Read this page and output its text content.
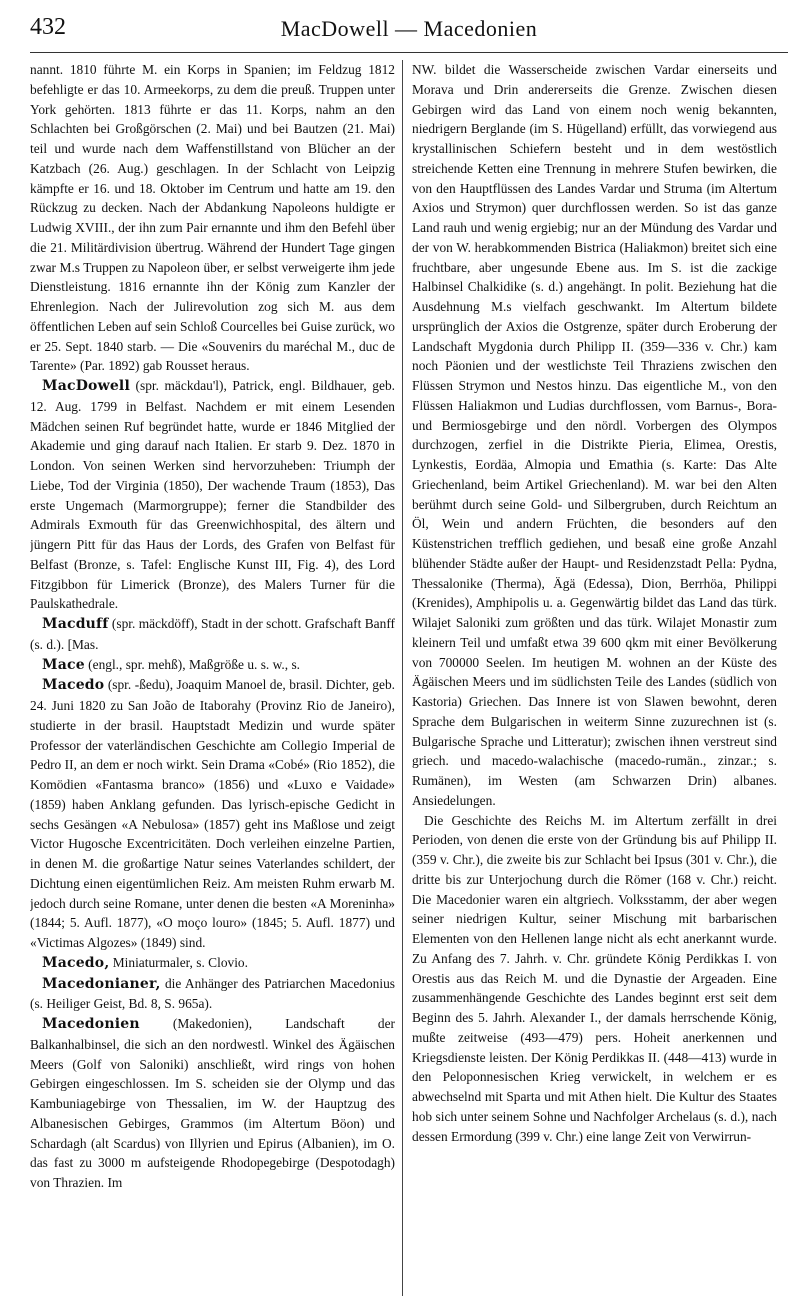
432	MacDowell — Macedonien

nannt. 1810 führte M. ein Korps in Spanien; im Feldzug 1812 befehligte er das 10. Armeekorps, zu dem die preuß. Truppen unter York gehörten. 1813 führte er das 11. Korps, nahm an den Schlachten bei Großgörschen (2. Mai) und bei Bautzen (21. Mai) teil und wurde nach dem Waffenstillstand von Blücher an der Katzbach (26. Aug.) geschlagen. In der Schlacht von Leipzig kämpfte er 16. und 18. Oktober im Centrum und hatte am 19. den Rückzug zu decken. Nach der Abdankung Napoleons huldigte er Ludwig XVIII., der ihn zum Pair ernannte und ihm den Befehl über die 21. Militärdivision übertrug. Während der Hundert Tage gingen zwar M.s Truppen zu Napoleon über, er selbst verweigerte ihm jede Dienstleistung. 1816 ernannte ihn der König zum Kanzler der Ehrenlegion. Nach der Julirevolution zog sich M. aus dem öffentlichen Leben auf sein Schloß Courcelles bei Guise zurück, wo er 25. Sept. 1840 starb. — Die «Souvenirs du maréchal M., duc de Tarente» (Par. 1892) gab Rousset heraus.

MacDowell (spr. mäckdau'l), Patrick, engl. Bildhauer, geb. 12. Aug. 1799 in Belfast. Nachdem er mit einem Lesenden Mädchen seinen Ruf begründet hatte, wurde er 1846 Mitglied der Akademie und ging darauf nach Italien. Er starb 9. Dez. 1870 in London. Von seinen Werken sind hervorzuheben: Triumph der Liebe, Tod der Virginia (1850), Der wachende Traum (1853), Das erste Ungemach (Marmorgruppe); ferner die Standbilder des Admirals Exmouth für das Greenwichhospital, des ältern und jüngern Pitt für das Haus der Lords, des Grafen von Belfast für Belfast (Bronze, s. Tafel: Englische Kunst III, Fig. 4), des Lord Fitzgibbon für Limerick (Bronze), des Malers Turner für die Paulskathedrale.

Macduff (spr. mäckdöff), Stadt in der schott. Grafschaft Banff (s. d.). [Mas.

Mace (engl., spr. mehß), Maßgröße u. s. w., s.

Macedo (spr. -ßedu), Joaquim Manoel de, brasil. Dichter, geb. 24. Juni 1820 zu San João de Itaborahy (Provinz Rio de Janeiro), studierte in der brasil. Hauptstadt Medizin und wurde später Professor der vaterländischen Geschichte am Collegio Imperial de Pedro II, an dem er noch wirkt. Sein Drama «Cobé» (Rio 1852), die Komödien «Fantasma branco» (1856) und «Luxo e Vaidade» (1859) haben Anklang gefunden. Das lyrisch-epische Gedicht in sechs Gesängen «A Nebulosa» (1857) geht ins Maßlose und zeigt Victor Hugosche Excentricitäten. Doch verleihen einzelne Partien, in denen M. die großartige Natur seines Vaterlandes schildert, der Dichtung einen eigentümlichen Reiz. Am meisten Ruhm erwarb M. jedoch durch seine Romane, unter denen die besten «A Moreninha» (1844; 5. Aufl. 1877), «O moço louro» (1845; 5. Aufl. 1877) und «Victimas Algozes» (1849) sind.

Macedo, Miniaturmaler, s. Clovio.

Macedonianer, die Anhänger des Patriarchen Macedonius (s. Heiliger Geist, Bd. 8, S. 965a).

Macedonien (Makedonien), Landschaft der Balkanhalbinsel, die sich an den nordwestl. Winkel des Ägäischen Meers (Golf von Saloniki) anschließt, wird rings von hohen Gebirgen eingeschlossen. Im S. scheiden sie der Olymp und das Kambuniagebirge von Thessalien, im W. der Hauptzug des Albanesischen Gebirges, Grammos (im Altertum Böon) und Schardagh (alt Scardus) von Illyrien und Epirus (Albanien), im O. das fast zu 3000 m aufsteigende Rhodopegebirge (Despotodagh) von Thrazien. Im

NW. bildet die Wasserscheide zwischen Vardar einerseits und Morava und Drin andererseits die Grenze. Zwischen diesen Gebirgen wird das Land von einem noch wenig bekannten, niedrigern Berglande (im S. Hügelland) erfüllt, das vorwiegend aus krystallinischen Schiefern besteht und in dem westöstlich streichende Ketten eine Trennung in mehrere Stufen bewirken, die von den Hauptflüssen des Landes Vardar und Struma (im Altertum Axios und Strymon) quer durchflossen werden. So ist das ganze Land rauh und wenig ergiebig; nur an der Mündung des Vardar und der von W. herabkommenden Bistrica (Haliakmon) breitet sich eine fruchtbare, aber ungesunde Ebene aus. Im S. ist die zackige Halbinsel Chalkidike (s. d.) angehängt. In polit. Beziehung hat die Ausdehnung M.s vielfach geschwankt. Im Altertum bildete ursprünglich der Axios die Ostgrenze, später durch Eroberung der Landschaft Mygdonia durch Philipp II. (359—336 v. Chr.) kam noch Päonien und der westlichste Teil Thraziens zwischen den Flüssen Strymon und Nestos hinzu. Das eigentliche M., von den Flüssen Haliakmon und Ludias durchflossen, vom Barnus-, Bora- und Bermiosgebirge und den nördl. Vorbergen des Olympos durchzogen, zerfiel in die Distrikte Pieria, Elimea, Orestis, Lynkestis, Eordäa, Almopia und Emathia (s. Karte: Das Alte Griechenland, beim Artikel Griechenland). M. war bei den Alten berühmt durch seine Gold- und Silbergruben, durch Reichtum an Öl, Wein und andern Früchten, die besonders auf den Küstenstrichen trefflich gediehen, und besaß eine große Anzahl blühender Städte außer der Haupt- und Residenzstadt Pella: Pydna, Thessalonike (Therma), Ägä (Edessa), Dion, Berrhöa, Philippi (Krenides), Amphipolis u. a. Gegenwärtig bildet das Land das türk. Wilajet Saloniki zum größten und das türk. Wilajet Monastir zum kleinern Teil und umfaßt etwa 39 600 qkm mit einer Bevölkerung von 700000 Seelen. Im heutigen M. wohnen an der Küste des Ägäischen Meers und im südlichsten Teile des Landes (südlich von Kastoria) Griechen. Das Innere ist von Slawen bewohnt, deren Sprache dem Bulgarischen in weiterm Sinne zuzurechnen ist (s. Bulgarische Sprache und Litteratur); zwischen ihnen verstreut sind griech. und macedo-walachische (macedo-rumän., zinzar.; s. Rumänen), im Westen (am Schwarzen Drin) albanes. Ansiedelungen.

Die Geschichte des Reichs M. im Altertum zerfällt in drei Perioden, von denen die erste von der Gründung bis auf Philipp II. (359 v. Chr.), die zweite bis zur Schlacht bei Ipsus (301 v. Chr.), die dritte bis zur Unterjochung durch die Römer (168 v. Chr.) reicht. Die Macedonier waren ein altgriech. Volksstamm, der aber wegen seiner niedrigen Kultur, seiner Mischung mit barbarischen Elementen von den Hellenen lange nicht als echt anerkannt wurde. Zu Anfang des 7. Jahrh. v. Chr. gründete König Perdikkas I. von Orestis aus das Reich M. und die Dynastie der Argeaden. Eine zusammenhängende Geschichte des Landes beginnt erst seit dem Beginn des 5. Jahrh. Alexander I., der damals herrschende König, mußte zeitweise (493—479) pers. Hoheit anerkennen und Kriegsdienste leisten. Der König Perdikkas II. (448—413) wurde in den Peloponnesischen Krieg verwickelt, in welchem er es abwechselnd mit Sparta und mit Athen hielt. Die Kultur des Staates hob sich unter seinem Sohne und Nachfolger Archelaus (s. d.), nach dessen Ermordung (399 v. Chr.) eine lange Zeit von Verwirrun-
